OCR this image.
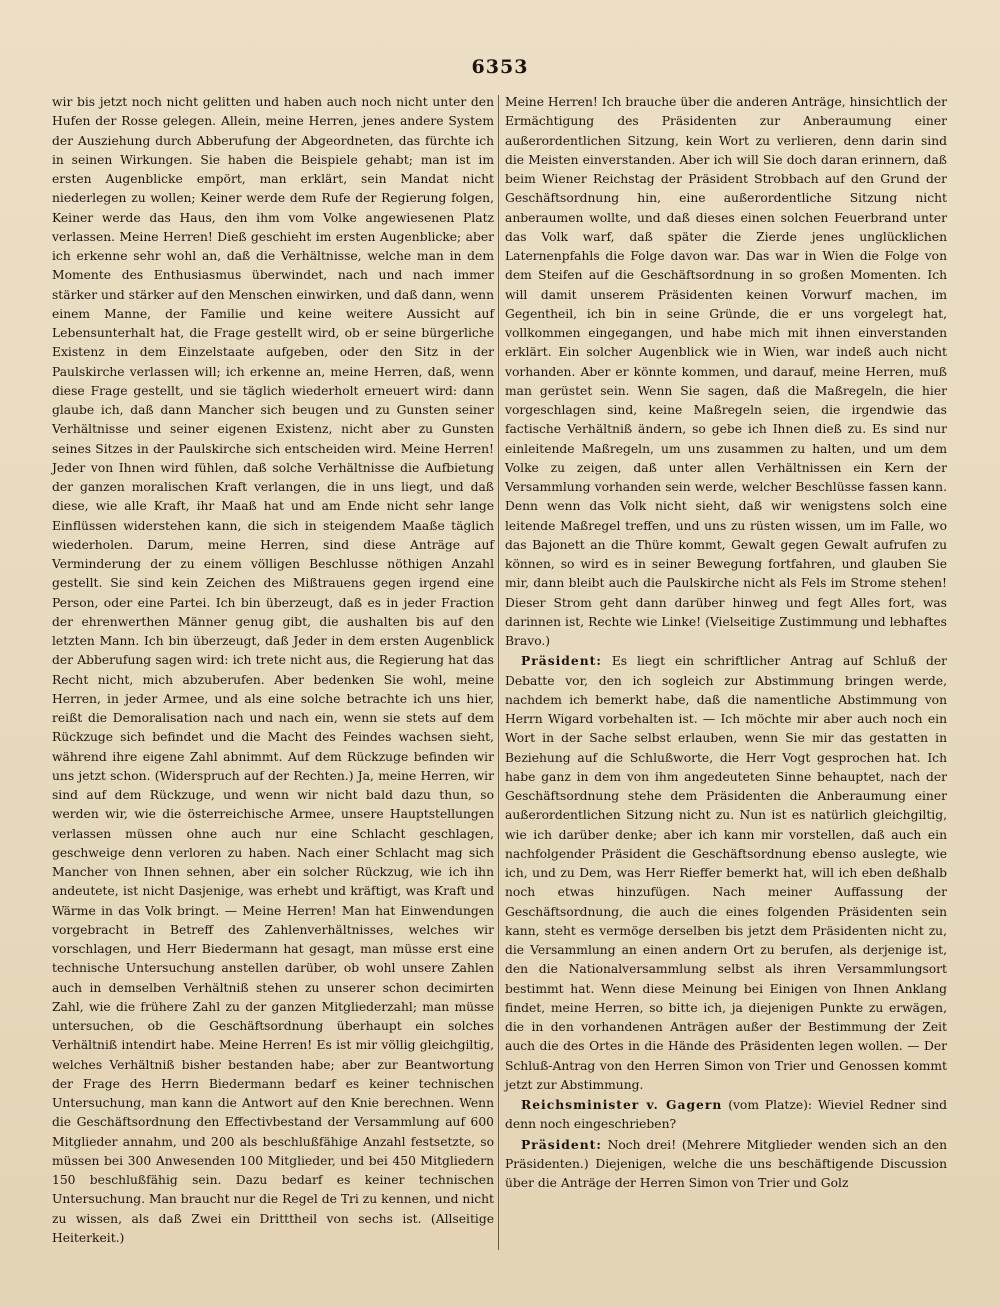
6353

wir bis jetzt noch nicht gelitten und haben auch noch nicht unter den Hufen der Rosse gelegen. Allein, meine Herren, jenes andere System der Ausziehung durch Abberufung der Abgeordneten, das fürchte ich in seinen Wirkungen. Sie haben die Beispiele gehabt; man ist im ersten Augenblicke empört, man erklärt, sein Mandat nicht niederlegen zu wollen; Keiner werde dem Rufe der Regierung folgen, Keiner werde das Haus, den ihm vom Volke angewiesenen Platz verlassen. Meine Herren! Dieß geschieht im ersten Augenblicke; aber ich erkenne sehr wohl an, daß die Verhältnisse, welche man in dem Momente des Enthusiasmus überwindet, nach und nach immer stärker und stärker auf den Menschen einwirken, und daß dann, wenn einem Manne, der Familie und keine weitere Aussicht auf Lebensunterhalt hat, die Frage gestellt wird, ob er seine bürgerliche Existenz in dem Einzelstaate aufgeben, oder den Sitz in der Paulskirche verlassen will; ich erkenne an, meine Herren, daß, wenn diese Frage gestellt, und sie täglich wiederholt erneuert wird: dann glaube ich, daß dann Mancher sich beugen und zu Gunsten seiner Verhältnisse und seiner eigenen Existenz, nicht aber zu Gunsten seines Sitzes in der Paulskirche sich entscheiden wird. Meine Herren! Jeder von Ihnen wird fühlen, daß solche Verhältnisse die Aufbietung der ganzen moralischen Kraft verlangen, die in uns liegt, und daß diese, wie alle Kraft, ihr Maaß hat und am Ende nicht sehr lange Einflüssen widerstehen kann, die sich in steigendem Maaße täglich wiederholen. Darum, meine Herren, sind diese Anträge auf Verminderung der zu einem völligen Beschlusse nöthigen Anzahl gestellt. Sie sind kein Zeichen des Mißtrauens gegen irgend eine Person, oder eine Partei. Ich bin überzeugt, daß es in jeder Fraction der ehrenwerthen Männer genug gibt, die aushalten bis auf den letzten Mann. Ich bin überzeugt, daß Jeder in dem ersten Augenblick der Abberufung sagen wird: ich trete nicht aus, die Regierung hat das Recht nicht, mich abzuberufen. Aber bedenken Sie wohl, meine Herren, in jeder Armee, und als eine solche betrachte ich uns hier, reißt die Demoralisation nach und nach ein, wenn sie stets auf dem Rückzuge sich befindet und die Macht des Feindes wachsen sieht, während ihre eigene Zahl abnimmt. Auf dem Rückzuge befinden wir uns jetzt schon. (Widerspruch auf der Rechten.) Ja, meine Herren, wir sind auf dem Rückzuge, und wenn wir nicht bald dazu thun, so werden wir, wie die österreichische Armee, unsere Hauptstellungen verlassen müssen ohne auch nur eine Schlacht geschlagen, geschweige denn verloren zu haben. Nach einer Schlacht mag sich Mancher von Ihnen sehnen, aber ein solcher Rückzug, wie ich ihn andeutete, ist nicht Dasjenige, was erhebt und kräftigt, was Kraft und Wärme in das Volk bringt. — Meine Herren! Man hat Einwendungen vorgebracht in Betreff des Zahlenverhältnisses, welches wir vorschlagen, und Herr Biedermann hat gesagt, man müsse erst eine technische Untersuchung anstellen darüber, ob wohl unsere Zahlen auch in demselben Verhältniß stehen zu unserer schon decimirten Zahl, wie die frühere Zahl zu der ganzen Mitgliederzahl; man müsse untersuchen, ob die Geschäftsordnung überhaupt ein solches Verhältniß intendirt habe. Meine Herren! Es ist mir völlig gleichgiltig, welches Verhältniß bisher bestanden habe; aber zur Beantwortung der Frage des Herrn Biedermann bedarf es keiner technischen Untersuchung, man kann die Antwort auf den Knie berechnen. Wenn die Geschäftsordnung den Effectivbestand der Versammlung auf 600 Mitglieder annahm, und 200 als beschlußfähige Anzahl festsetzte, so müssen bei 300 Anwesenden 100 Mitglieder, und bei 450 Mitgliedern 150 beschlußfähig sein. Dazu bedarf es keiner technischen Untersuchung. Man braucht nur die Regel de Tri zu kennen, und nicht zu wissen, als daß Zwei ein Dritttheil von sechs ist. (Allseitige Heiterkeit.)

Meine Herren! Ich brauche über die anderen Anträge, hinsichtlich der Ermächtigung des Präsidenten zur Anberaumung einer außerordentlichen Sitzung, kein Wort zu verlieren, denn darin sind die Meisten einverstanden. Aber ich will Sie doch daran erinnern, daß beim Wiener Reichstag der Präsident Strobbach auf den Grund der Geschäftsordnung hin, eine außerordentliche Sitzung nicht anberaumen wollte, und daß dieses einen solchen Feuerbrand unter das Volk warf, daß später die Zierde jenes unglücklichen Laternenpfahls die Folge davon war. Das war in Wien die Folge von dem Steifen auf die Geschäftsordnung in so großen Momenten. Ich will damit unserem Präsidenten keinen Vorwurf machen, im Gegentheil, ich bin in seine Gründe, die er uns vorgelegt hat, vollkommen eingegangen, und habe mich mit ihnen einverstanden erklärt. Ein solcher Augenblick wie in Wien, war indeß auch nicht vorhanden. Aber er könnte kommen, und darauf, meine Herren, muß man gerüstet sein. Wenn Sie sagen, daß die Maßregeln, die hier vorgeschlagen sind, keine Maßregeln seien, die irgendwie das factische Verhältniß ändern, so gebe ich Ihnen dieß zu. Es sind nur einleitende Maßregeln, um uns zusammen zu halten, und um dem Volke zu zeigen, daß unter allen Verhältnissen ein Kern der Versammlung vorhanden sein werde, welcher Beschlüsse fassen kann. Denn wenn das Volk nicht sieht, daß wir wenigstens solch eine leitende Maßregel treffen, und uns zu rüsten wissen, um im Falle, wo das Bajonett an die Thüre kommt, Gewalt gegen Gewalt aufrufen zu können, so wird es in seiner Bewegung fortfahren, und glauben Sie mir, dann bleibt auch die Paulskirche nicht als Fels im Strome stehen! Dieser Strom geht dann darüber hinweg und fegt Alles fort, was darinnen ist, Rechte wie Linke! (Vielseitige Zustimmung und lebhaftes Bravo.)

Präsident: Es liegt ein schriftlicher Antrag auf Schluß der Debatte vor, den ich sogleich zur Abstimmung bringen werde, nachdem ich bemerkt habe, daß die namentliche Abstimmung von Herrn Wigard vorbehalten ist. — Ich möchte mir aber auch noch ein Wort in der Sache selbst erlauben, wenn Sie mir das gestatten in Beziehung auf die Schlußworte, die Herr Vogt gesprochen hat. Ich habe ganz in dem von ihm angedeuteten Sinne behauptet, nach der Geschäftsordnung stehe dem Präsidenten die Anberaumung einer außerordentlichen Sitzung nicht zu. Nun ist es natürlich gleichgiltig, wie ich darüber denke; aber ich kann mir vorstellen, daß auch ein nachfolgender Präsident die Geschäftsordnung ebenso auslegte, wie ich, und zu Dem, was Herr Rieffer bemerkt hat, will ich eben deßhalb noch etwas hinzufügen. Nach meiner Auffassung der Geschäftsordnung, die auch die eines folgenden Präsidenten sein kann, steht es vermöge derselben bis jetzt dem Präsidenten nicht zu, die Versammlung an einen andern Ort zu berufen, als derjenige ist, den die Nationalversammlung selbst als ihren Versammlungsort bestimmt hat. Wenn diese Meinung bei Einigen von Ihnen Anklang findet, meine Herren, so bitte ich, ja diejenigen Punkte zu erwägen, die in den vorhandenen Anträgen außer der Bestimmung der Zeit auch die des Ortes in die Hände des Präsidenten legen wollen. — Der Schluß-Antrag von den Herren Simon von Trier und Genossen kommt jetzt zur Abstimmung.

Reichsminister v. Gagern (vom Platze): Wieviel Redner sind denn noch eingeschrieben?

Präsident: Noch drei! (Mehrere Mitglieder wenden sich an den Präsidenten.) Diejenigen, welche die uns beschäftigende Discussion über die Anträge der Herren Simon von Trier und Golz
